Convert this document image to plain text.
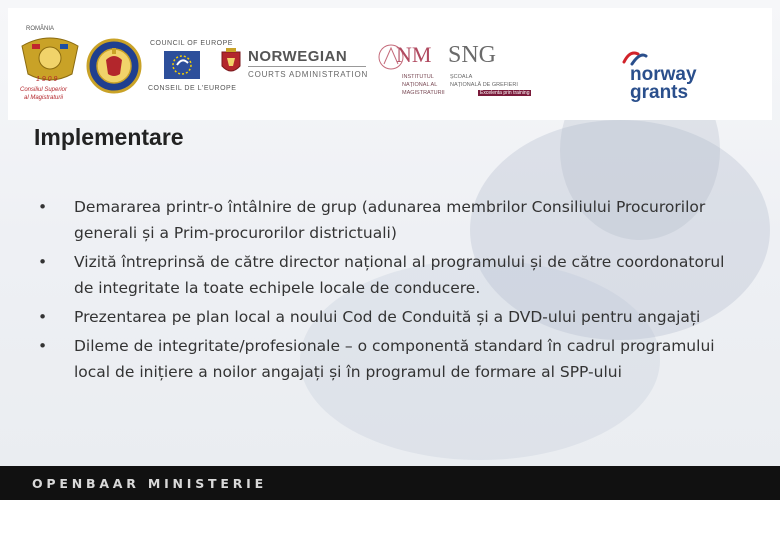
ROMÂNIA
1 9 0 9
Consiliul Superior
al Magistraturii
COUNCIL OF EUROPE
CONSEIL DE L'EUROPE
NORWEGIAN
COURTS ADMINISTRATION
NM
INSTITUTUL
NAȚIONAL AL
MAGISTRATURII
SNG
ȘCOALA
NAȚIONALĂ DE GREFIERI
Excelenta prin training
norway
grants
Implementare
• Demararea printr-o întâlnire de grup (adunarea membrilor Consiliului Procurorilor generali și a Prim-procurorilor districtuali)
• Vizită întreprinsă de către director național al programului și de către coordonatorul de integritate la toate echipele locale de conducere.
• Prezentarea pe plan local a noului Cod de Conduită și a DVD-ului pentru angajați
• Dileme de integritate/profesionale – o componentă standard în cadrul programului local de inițiere a noilor angajați și în programul de formare al SPP-ului
OPENBAAR MINISTERIE
